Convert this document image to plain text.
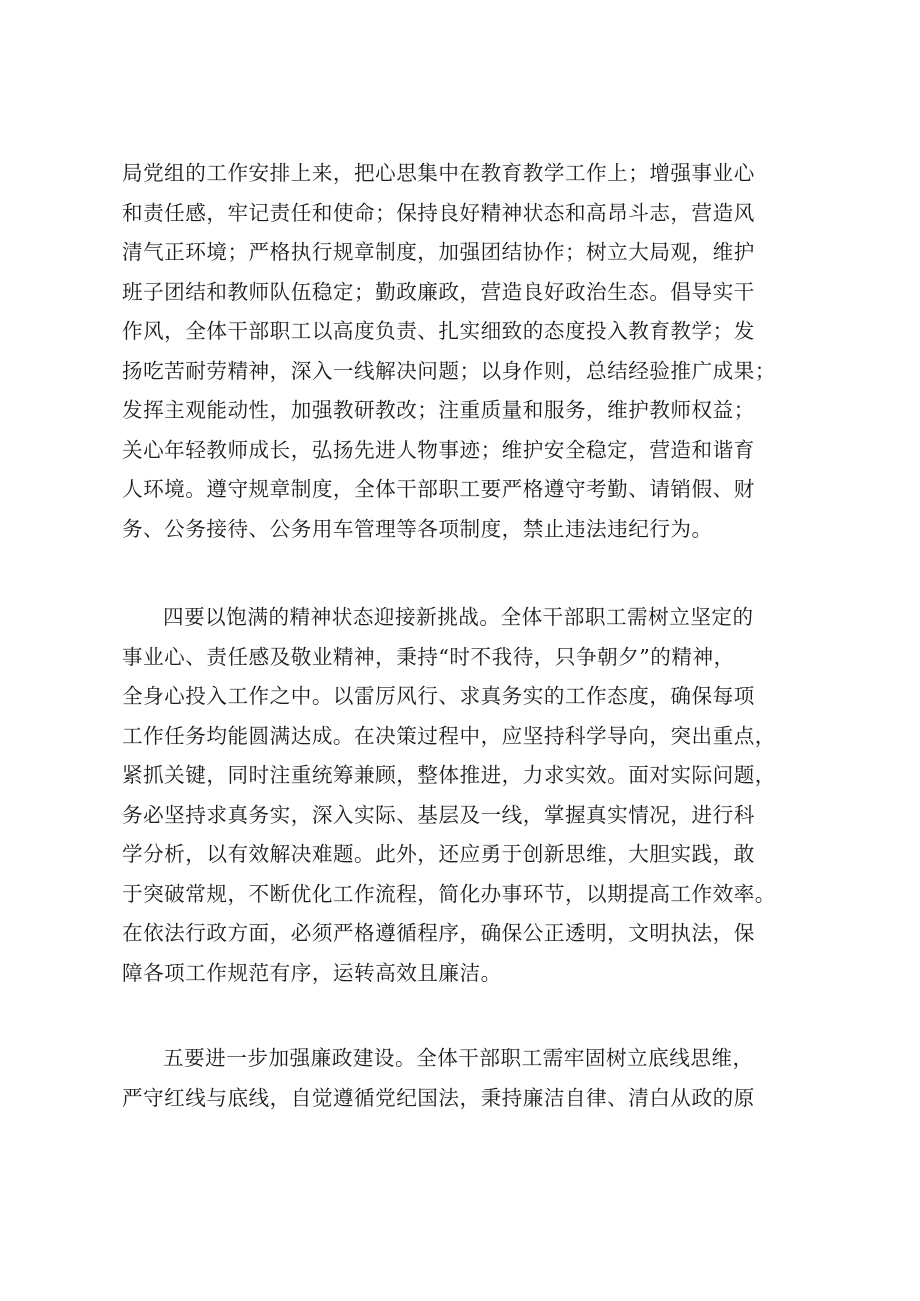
局党组的工作安排上来，把心思集中在教育教学工作上；增强事业心
和责任感，牢记责任和使命；保持良好精神状态和高昂斗志，营造风
清气正环境；严格执行规章制度，加强团结协作；树立大局观，维护
班子团结和教师队伍稳定；勤政廉政，营造良好政治生态。倡导实干
作风，全体干部职工以高度负责、扎实细致的态度投入教育教学；发
扬吃苦耐劳精神，深入一线解决问题；以身作则，总结经验推广成果；
发挥主观能动性，加强教研教改；注重质量和服务，维护教师权益；
关心年轻教师成长，弘扬先进人物事迹；维护安全稳定，营造和谐育
人环境。遵守规章制度，全体干部职工要严格遵守考勤、请销假、财
务、公务接待、公务用车管理等各项制度，禁止违法违纪行为。
四要以饱满的精神状态迎接新挑战。全体干部职工需树立坚定的
事业心、责任感及敬业精神，秉持“时不我待，只争朝夕”的精神，
全身心投入工作之中。以雷厉风行、求真务实的工作态度，确保每项
工作任务均能圆满达成。在决策过程中，应坚持科学导向，突出重点，
紧抓关键，同时注重统筹兼顾，整体推进，力求实效。面对实际问题，
务必坚持求真务实，深入实际、基层及一线，掌握真实情况，进行科
学分析，以有效解决难题。此外，还应勇于创新思维，大胆实践，敢
于突破常规，不断优化工作流程，简化办事环节，以期提高工作效率。
在依法行政方面，必须严格遵循程序，确保公正透明，文明执法，保
障各项工作规范有序，运转高效且廉洁。
五要进一步加强廉政建设。全体干部职工需牢固树立底线思维，
严守红线与底线，自觉遵循党纪国法，秉持廉洁自律、清白从政的原
